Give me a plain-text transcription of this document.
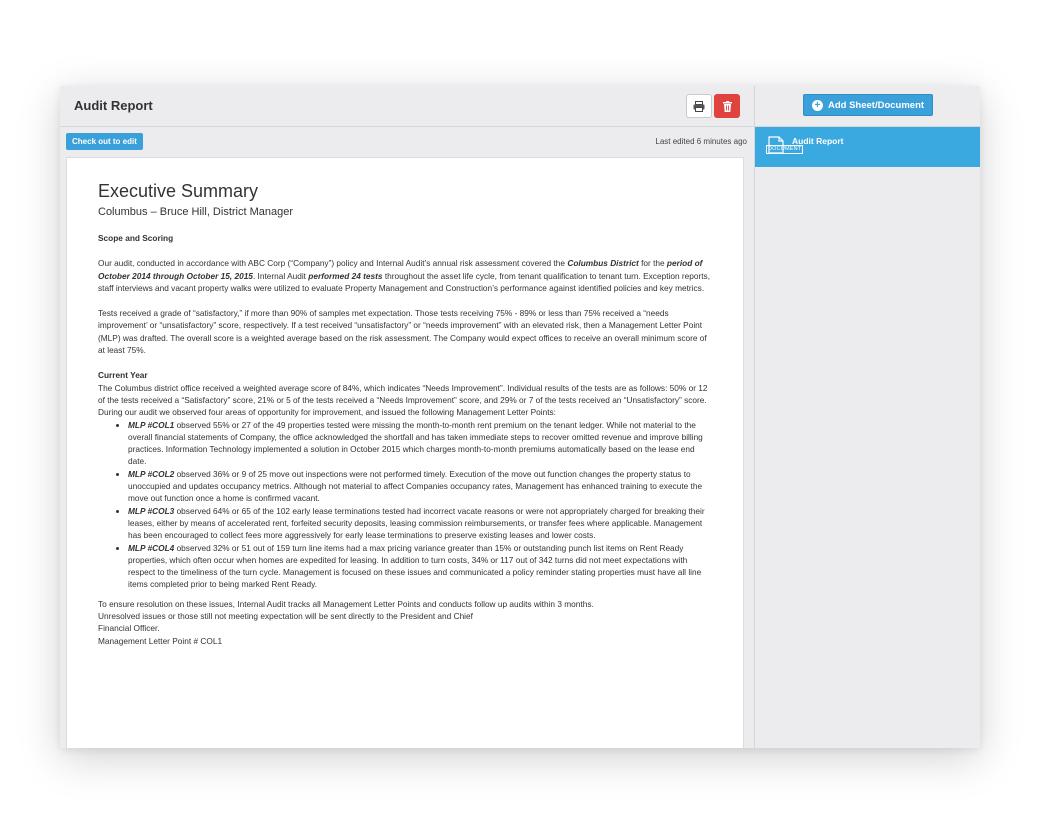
Audit Report
Check out to edit	Last edited 6 minutes ago
Executive Summary
Columbus – Bruce Hill, District Manager
Scope and Scoring

Our audit, conducted in accordance with ABC Corp (“Company”) policy and Internal Audit’s annual risk assessment covered the Columbus District for the period of October 2014 through October 15, 2015. Internal Audit performed 24 tests throughout the asset life cycle, from tenant qualification to tenant turn. Exception reports, staff interviews and vacant property walks were utilized to evaluate Property Management and Construction’s performance against identified policies and key metrics.

Tests received a grade of “satisfactory,” if more than 90% of samples met expectation. Those tests receiving 75% - 89% or less than 75% received a “needs improvement’ or “unsatisfactory” score, respectively. If a test received “unsatisfactory” or “needs improvement” with an elevated risk, then a Management Letter Point (MLP) was drafted. The overall score is a weighted average based on the risk assessment. The Company would expect offices to receive an overall minimum score of at least 75%.

Current Year

The Columbus district office received a weighted average score of 84%, which indicates “Needs Improvement”. Individual results of the tests are as follows: 50% or 12 of the tests received a “Satisfactory” score, 21% or 5 of the tests received a “Needs Improvement” score, and 29% or 7 of the tests received an “Unsatisfactory” score.

During our audit we observed four areas of opportunity for improvement, and issued the following Management Letter Points:

• MLP #COL1 observed 55% or 27 of the 49 properties tested were missing the month-to-month rent premium on the tenant ledger. While not material to the overall financial statements of Company, the office acknowledged the shortfall and has taken immediate steps to recover omitted revenue and improve billing practices. Information Technology implemented a solution in October 2015 which charges month-to-month premiums automatically based on the lease end date.
• MLP #COL2 observed 36% or 9 of 25 move out inspections were not performed timely. Execution of the move out function changes the property status to unoccupied and updates occupancy metrics. Although not material to affect Companies occupancy rates, Management has enhanced training to execute the move out function once a home is confirmed vacant.
• MLP #COL3 observed 64% or 65 of the 102 early lease terminations tested had incorrect vacate reasons or were not appropriately charged for breaking their leases, either by means of accelerated rent, forfeited security deposits, leasing commission reimbursements, or transfer fees where applicable. Management has been encouraged to collect fees more aggressively for early lease terminations to preserve existing leases and lower costs.
• MLP #COL4 observed 32% or 51 out of 159 turn line items had a max pricing variance greater than 15% or outstanding punch list items on Rent Ready properties, which often occur when homes are expedited for leasing. In addition to turn costs, 34% or 117 out of 342 turns did not meet expectations with respect to the timeliness of the turn cycle. Management is focused on these issues and communicated a policy reminder stating properties must have all line items completed prior to being marked Rent Ready.

To ensure resolution on these issues, Internal Audit tracks all Management Letter Points and conducts follow up audits within 3 months.
Unresolved issues or those still not meeting expectation will be sent directly to the President and Chief
Financial Officer.
Management Letter Point # COL1

+ Add Sheet/Document
DOCUMENT
Audit Report
